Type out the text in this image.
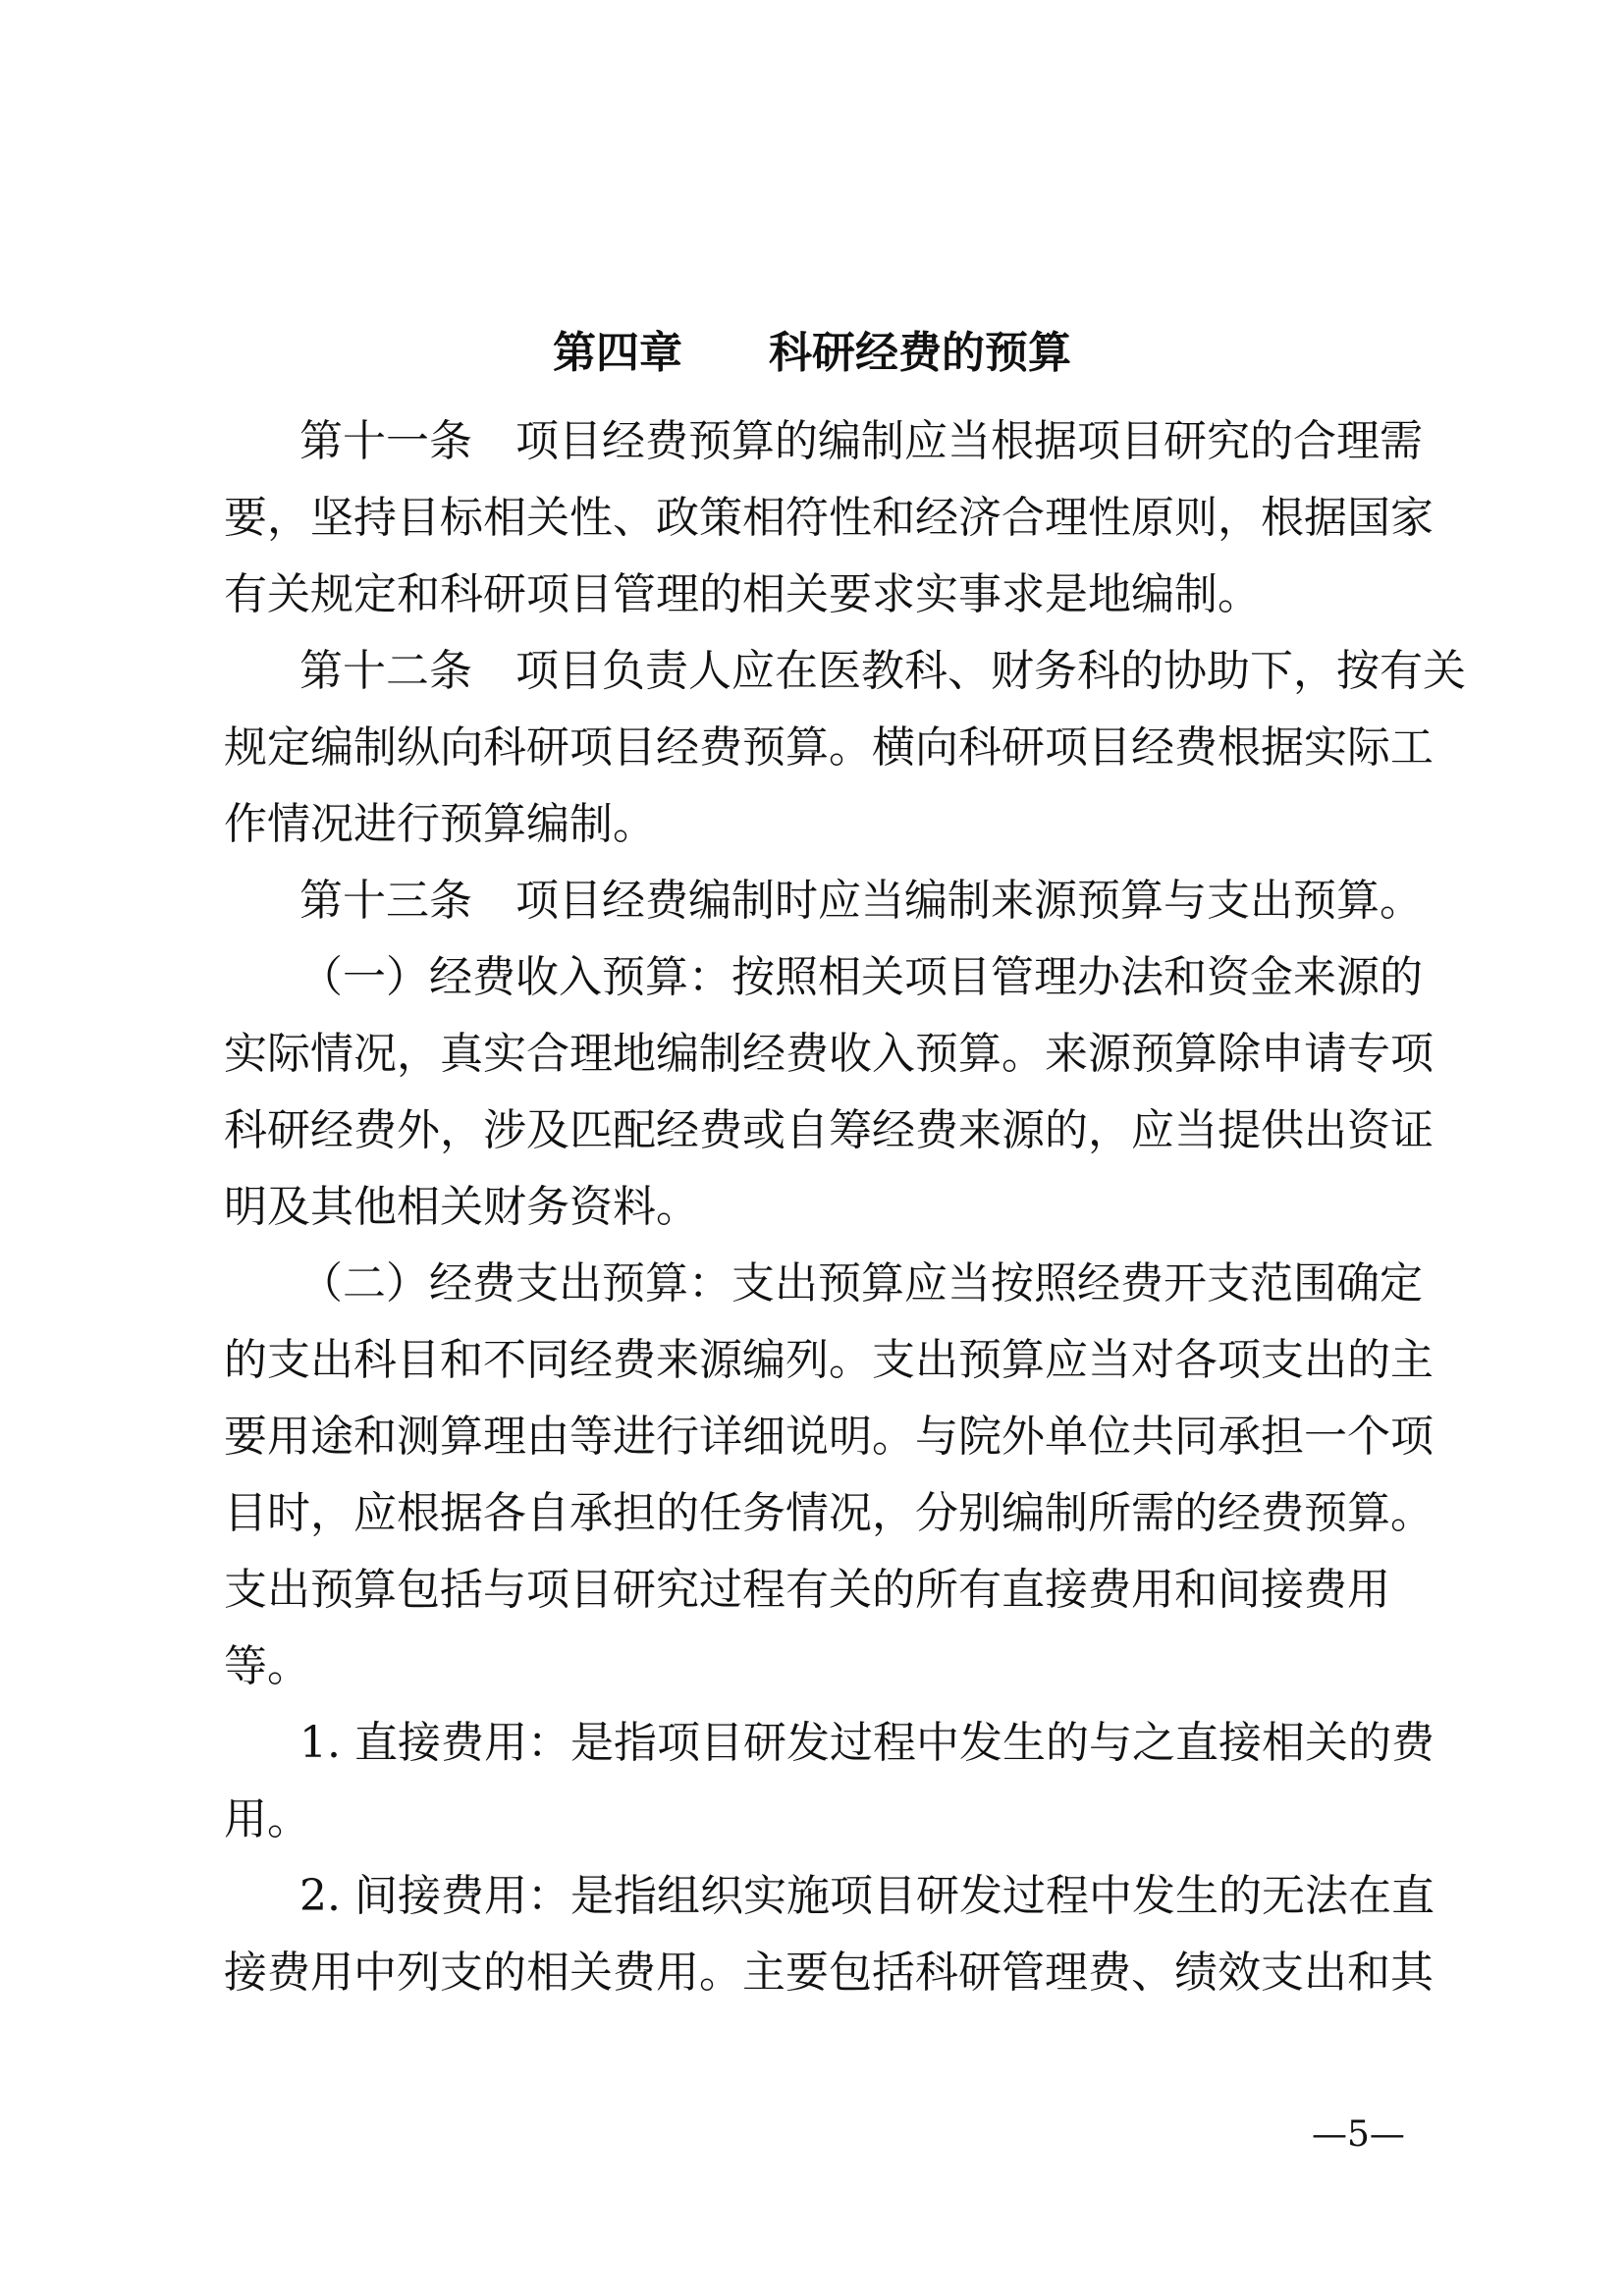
第四章　　科研经费的预算
第十一条　项目经费预算的编制应当根据项目研究的合理需
要，坚持目标相关性、政策相符性和经济合理性原则，根据国家
有关规定和科研项目管理的相关要求实事求是地编制。
第十二条　项目负责人应在医教科、财务科的协助下，按有关
规定编制纵向科研项目经费预算。横向科研项目经费根据实际工
作情况进行预算编制。
第十三条　项目经费编制时应当编制来源预算与支出预算。
（一）经费收入预算：按照相关项目管理办法和资金来源的
实际情况，真实合理地编制经费收入预算。来源预算除申请专项
科研经费外，涉及匹配经费或自筹经费来源的，应当提供出资证
明及其他相关财务资料。
（二）经费支出预算：支出预算应当按照经费开支范围确定
的支出科目和不同经费来源编列。支出预算应当对各项支出的主
要用途和测算理由等进行详细说明。与院外单位共同承担一个项
目时，应根据各自承担的任务情况，分别编制所需的经费预算。
支出预算包括与项目研究过程有关的所有直接费用和间接费用
等。
1. 直接费用：是指项目研发过程中发生的与之直接相关的费
用。
2. 间接费用：是指组织实施项目研发过程中发生的无法在直
接费用中列支的相关费用。主要包括科研管理费、绩效支出和其
—5—
